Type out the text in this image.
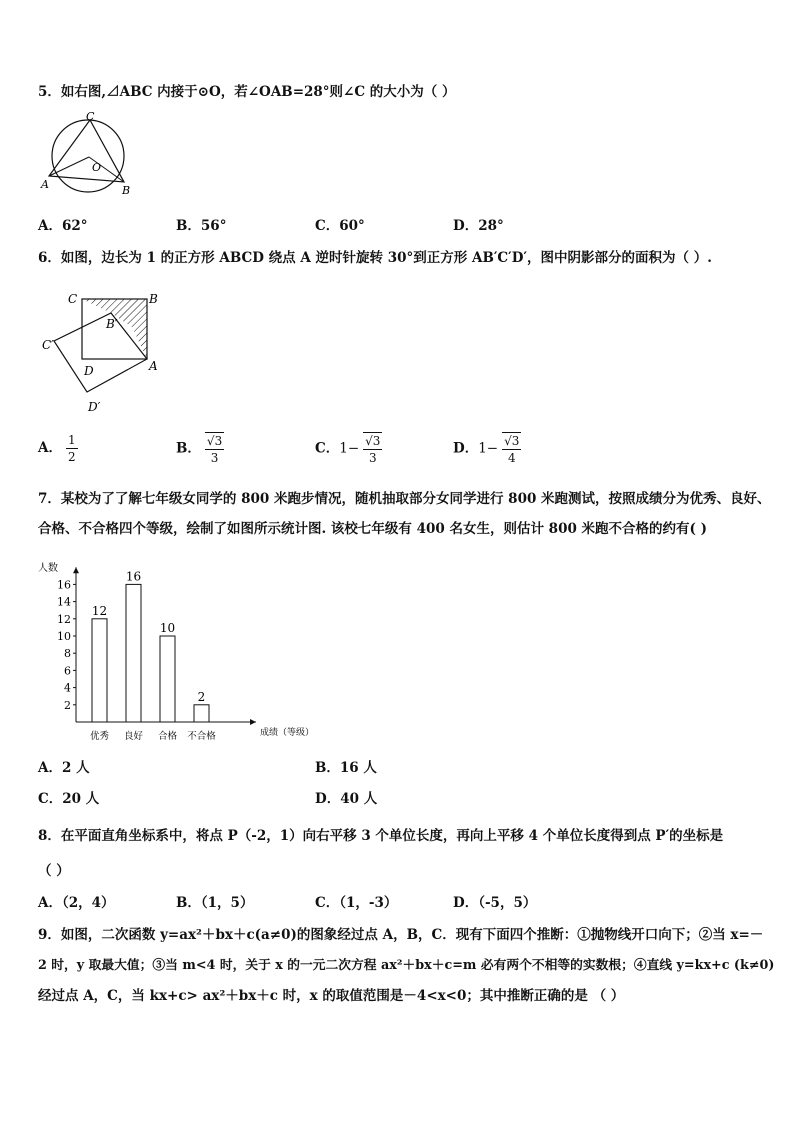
5．如右图,⊿ABC 内接于⊙O，若∠OAB=28°则∠C 的大小为（ ）
C
O
A	B
A．62°	B．56°	C．60°	D．28°
6．如图，边长为 1 的正方形 ABCD 绕点 A 逆时针旋转 30°到正方形 AB′C′D′，图中阴影部分的面积为（ ）.
C	B
B′
C′
D	A
D′
A． $\frac{1}{2}$	B． $\frac{√3}{3}$	C．$1- \frac{√3}{3}$	D．$1- \frac{√3}{4}$
7．某校为了了解七年级女同学的 800 米跑步情况，随机抽取部分女同学进行 800 米跑测试，按照成绩分为优秀、良好、
合格、不合格四个等级，绘制了如图所示统计图. 该校七年级有 400 名女生，则估计 800 米跑不合格的约有( )
人数
成绩（等级）
2
4
6
8
10
12
14
16
12
优秀
16
良好
10
合格
2
不合格
A．2 人	B．16 人
C．20 人	D．40 人
8．在平面直角坐标系中，将点 P（-2，1）向右平移 3 个单位长度，再向上平移 4 个单位长度得到点 P′的坐标是
（ ）
A．（2，4）	B．（1，5）	C．（1，-3）	D．（-5，5）
9．如图，二次函数 y=ax²＋bx＋c(a≠0)的图象经过点 A，B，C．现有下面四个推断：①抛物线开口向下；②当 x=－
2 时，y 取最大值；③当 m<4 时，关于 x 的一元二次方程 ax²＋bx＋c=m 必有两个不相等的实数根；④直线 y=kx+c (k≠0)
经过点 A，C，当 kx+c> ax²＋bx＋c 时，x 的取值范围是－4<x<0；其中推断正确的是 （ ）
